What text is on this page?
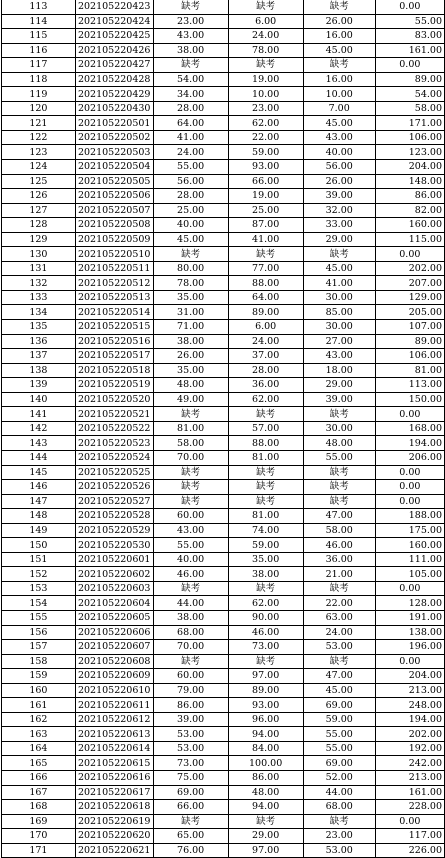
113	202105220423	缺考	缺考	缺考	0.00
114	202105220424	23.00	6.00	26.00	55.00
115	202105220425	43.00	24.00	16.00	83.00
116	202105220426	38.00	78.00	45.00	161.00
117	202105220427	缺考	缺考	缺考	0.00
118	202105220428	54.00	19.00	16.00	89.00
119	202105220429	34.00	10.00	10.00	54.00
120	202105220430	28.00	23.00	7.00	58.00
121	202105220501	64.00	62.00	45.00	171.00
122	202105220502	41.00	22.00	43.00	106.00
123	202105220503	24.00	59.00	40.00	123.00
124	202105220504	55.00	93.00	56.00	204.00
125	202105220505	56.00	66.00	26.00	148.00
126	202105220506	28.00	19.00	39.00	86.00
127	202105220507	25.00	25.00	32.00	82.00
128	202105220508	40.00	87.00	33.00	160.00
129	202105220509	45.00	41.00	29.00	115.00
130	202105220510	缺考	缺考	缺考	0.00
131	202105220511	80.00	77.00	45.00	202.00
132	202105220512	78.00	88.00	41.00	207.00
133	202105220513	35.00	64.00	30.00	129.00
134	202105220514	31.00	89.00	85.00	205.00
135	202105220515	71.00	6.00	30.00	107.00
136	202105220516	38.00	24.00	27.00	89.00
137	202105220517	26.00	37.00	43.00	106.00
138	202105220518	35.00	28.00	18.00	81.00
139	202105220519	48.00	36.00	29.00	113.00
140	202105220520	49.00	62.00	39.00	150.00
141	202105220521	缺考	缺考	缺考	0.00
142	202105220522	81.00	57.00	30.00	168.00
143	202105220523	58.00	88.00	48.00	194.00
144	202105220524	70.00	81.00	55.00	206.00
145	202105220525	缺考	缺考	缺考	0.00
146	202105220526	缺考	缺考	缺考	0.00
147	202105220527	缺考	缺考	缺考	0.00
148	202105220528	60.00	81.00	47.00	188.00
149	202105220529	43.00	74.00	58.00	175.00
150	202105220530	55.00	59.00	46.00	160.00
151	202105220601	40.00	35.00	36.00	111.00
152	202105220602	46.00	38.00	21.00	105.00
153	202105220603	缺考	缺考	缺考	0.00
154	202105220604	44.00	62.00	22.00	128.00
155	202105220605	38.00	90.00	63.00	191.00
156	202105220606	68.00	46.00	24.00	138.00
157	202105220607	70.00	73.00	53.00	196.00
158	202105220608	缺考	缺考	缺考	0.00
159	202105220609	60.00	97.00	47.00	204.00
160	202105220610	79.00	89.00	45.00	213.00
161	202105220611	86.00	93.00	69.00	248.00
162	202105220612	39.00	96.00	59.00	194.00
163	202105220613	53.00	94.00	55.00	202.00
164	202105220614	53.00	84.00	55.00	192.00
165	202105220615	73.00	100.00	69.00	242.00
166	202105220616	75.00	86.00	52.00	213.00
167	202105220617	69.00	48.00	44.00	161.00
168	202105220618	66.00	94.00	68.00	228.00
169	202105220619	缺考	缺考	缺考	0.00
170	202105220620	65.00	29.00	23.00	117.00
171	202105220621	76.00	97.00	53.00	226.00
